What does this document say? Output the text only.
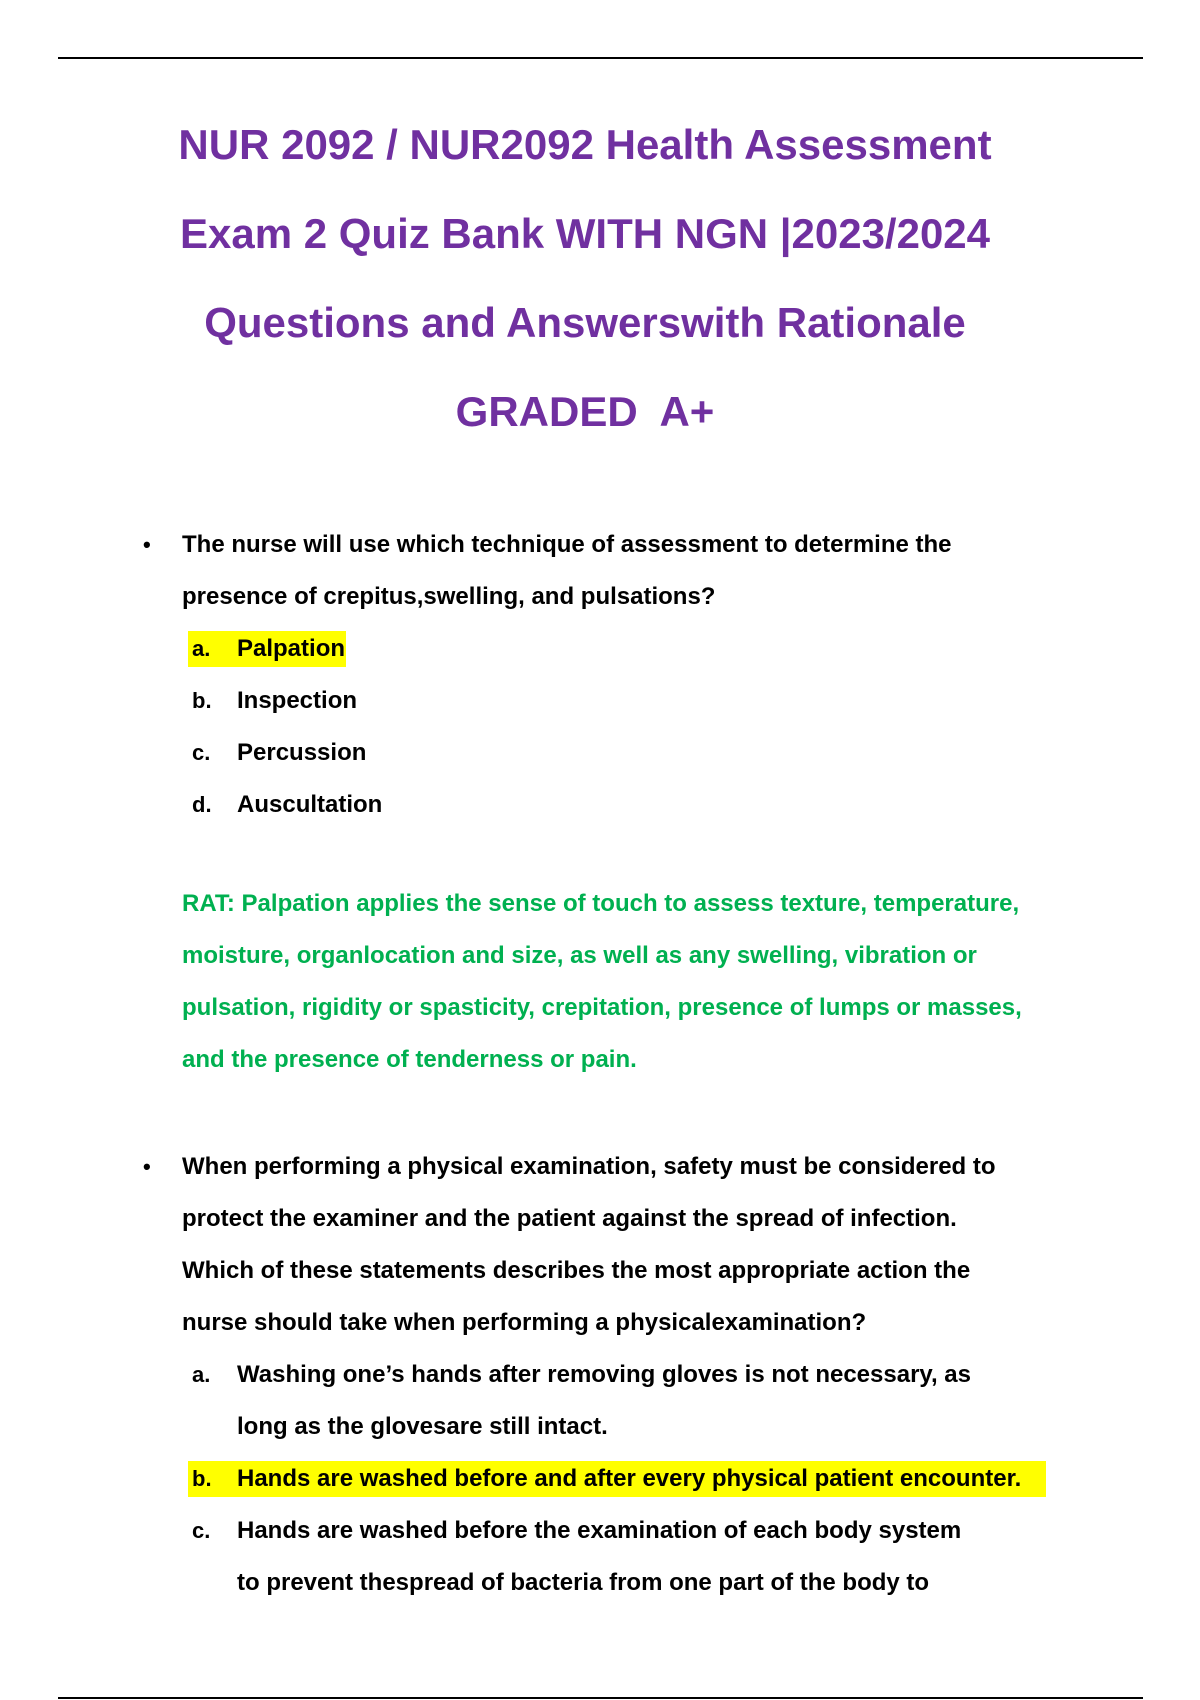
NUR 2092 / NUR2092 Health Assessment
Exam 2 Quiz Bank WITH NGN |2023/2024
Questions and Answerswith Rationale
GRADED  A+
• The nurse will use which technique of assessment to determine the
presence of crepitus,swelling, and pulsations?
a. Palpation
b. Inspection
c. Percussion
d. Auscultation
RAT: Palpation applies the sense of touch to assess texture, temperature,
moisture, organlocation and size, as well as any swelling, vibration or
pulsation, rigidity or spasticity, crepitation, presence of lumps or masses,
and the presence of tenderness or pain.
• When performing a physical examination, safety must be considered to
protect the examiner and the patient against the spread of infection.
Which of these statements describes the most appropriate action the
nurse should take when performing a physicalexamination?
a. Washing one’s hands after removing gloves is not necessary, as
long as the glovesare still intact.
b. Hands are washed before and after every physical patient encounter.
c. Hands are washed before the examination of each body system
to prevent thespread of bacteria from one part of the body to
